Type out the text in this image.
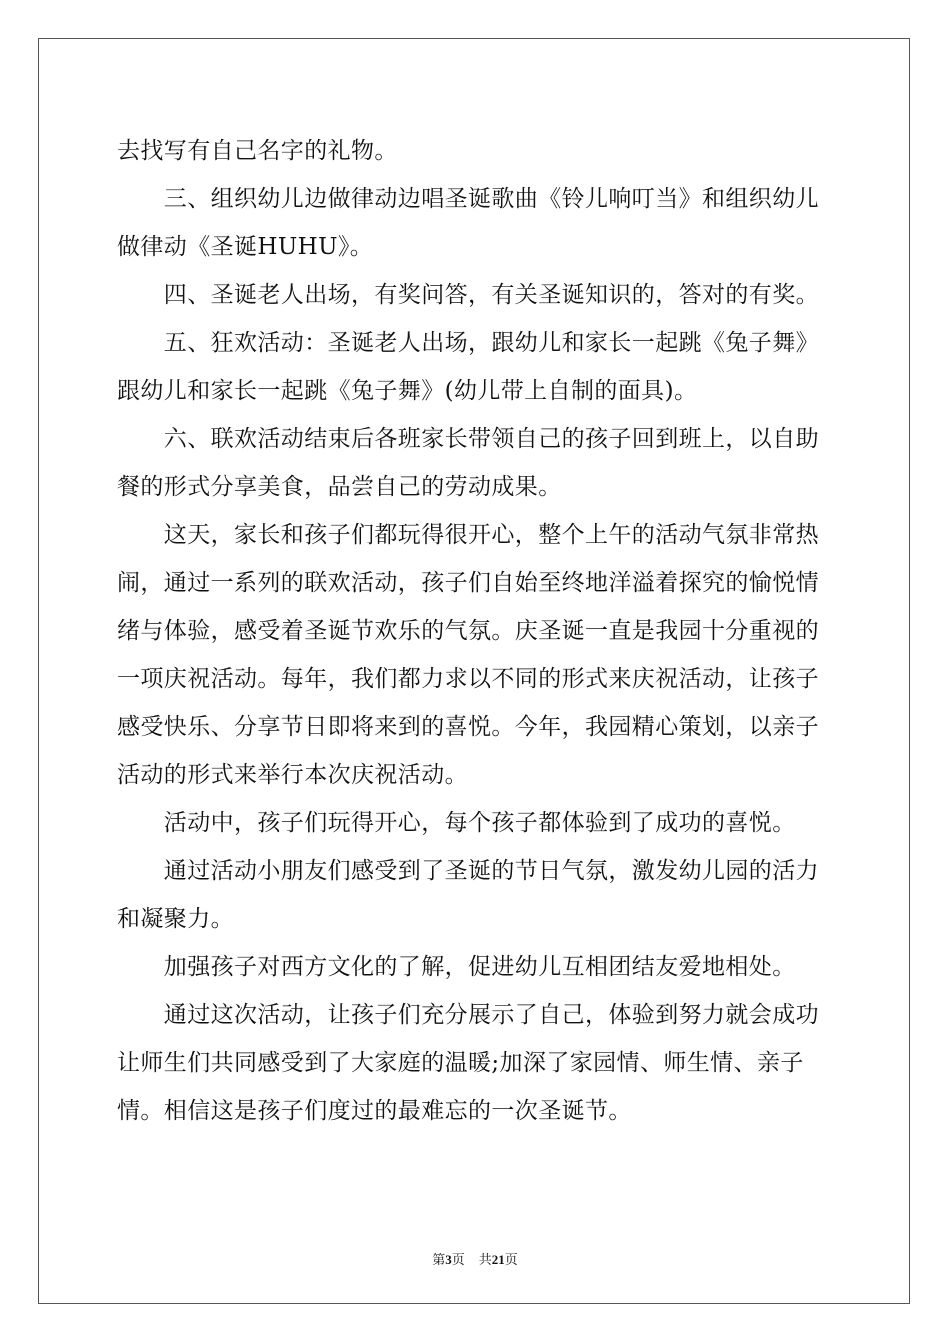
去找写有自己名字的礼物。
　　三、组织幼儿边做律动边唱圣诞歌曲《铃儿响叮当》和组织幼儿
做律动《圣诞HUHU》。
　　四、圣诞老人出场，有奖问答，有关圣诞知识的，答对的有奖。
　　五、狂欢活动：圣诞老人出场，跟幼儿和家长一起跳《兔子舞》
跟幼儿和家长一起跳《兔子舞》(幼儿带上自制的面具)。
　　六、联欢活动结束后各班家长带领自己的孩子回到班上，以自助
餐的形式分享美食，品尝自己的劳动成果。
　　这天，家长和孩子们都玩得很开心，整个上午的活动气氛非常热
闹，通过一系列的联欢活动，孩子们自始至终地洋溢着探究的愉悦情
绪与体验，感受着圣诞节欢乐的气氛。庆圣诞一直是我园十分重视的
一项庆祝活动。每年，我们都力求以不同的形式来庆祝活动，让孩子
感受快乐、分享节日即将来到的喜悦。今年，我园精心策划，以亲子
活动的形式来举行本次庆祝活动。
　　活动中，孩子们玩得开心，每个孩子都体验到了成功的喜悦。
　　通过活动小朋友们感受到了圣诞的节日气氛，激发幼儿园的活力
和凝聚力。
　　加强孩子对西方文化的了解，促进幼儿互相团结友爱地相处。
　　通过这次活动，让孩子们充分展示了自己，体验到努力就会成功
让师生们共同感受到了大家庭的温暖;加深了家园情、师生情、亲子
情。相信这是孩子们度过的最难忘的一次圣诞节。
第3页 共21页
